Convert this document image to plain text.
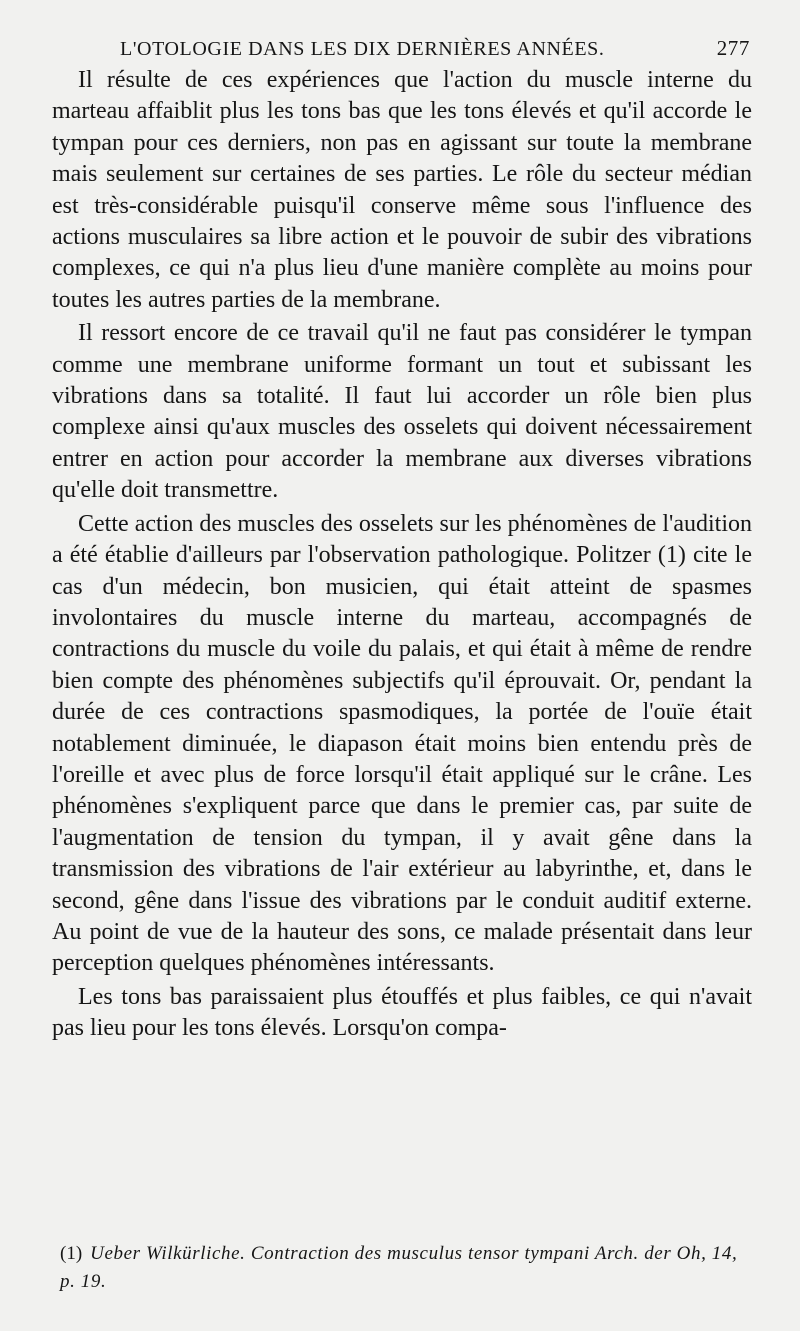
L'OTOLOGIE DANS LES DIX DERNIÈRES ANNÉES.	277

Il résulte de ces expériences que l'action du muscle interne du marteau affaiblit plus les tons bas que les tons élevés et qu'il accorde le tympan pour ces derniers, non pas en agissant sur toute la membrane mais seulement sur certaines de ses parties. Le rôle du secteur médian est très-considérable puisqu'il conserve même sous l'influence des actions musculaires sa libre action et le pouvoir de subir des vibrations complexes, ce qui n'a plus lieu d'une manière complète au moins pour toutes les autres parties de la membrane.

Il ressort encore de ce travail qu'il ne faut pas considérer le tympan comme une membrane uniforme formant un tout et subissant les vibrations dans sa totalité. Il faut lui accorder un rôle bien plus complexe ainsi qu'aux muscles des osselets qui doivent nécessairement entrer en action pour accorder la membrane aux diverses vibrations qu'elle doit transmettre.

Cette action des muscles des osselets sur les phénomènes de l'audition a été établie d'ailleurs par l'observation pathologique. Politzer (1) cite le cas d'un médecin, bon musicien, qui était atteint de spasmes involontaires du muscle interne du marteau, accompagnés de contractions du muscle du voile du palais, et qui était à même de rendre bien compte des phénomènes subjectifs qu'il éprouvait. Or, pendant la durée de ces contractions spasmodiques, la portée de l'ouïe était notablement diminuée, le diapason était moins bien entendu près de l'oreille et avec plus de force lorsqu'il était appliqué sur le crâne. Les phénomènes s'expliquent parce que dans le premier cas, par suite de l'augmentation de tension du tympan, il y avait gêne dans la transmission des vibrations de l'air extérieur au labyrinthe, et, dans le second, gêne dans l'issue des vibrations par le conduit auditif externe. Au point de vue de la hauteur des sons, ce malade présentait dans leur perception quelques phénomènes intéressants.

Les tons bas paraissaient plus étouffés et plus faibles, ce qui n'avait pas lieu pour les tons élevés. Lorsqu'on compa-

(1) Ueber Wilkürliche. Contraction des musculus tensor tympani Arch. der Oh, 14, p. 19.
